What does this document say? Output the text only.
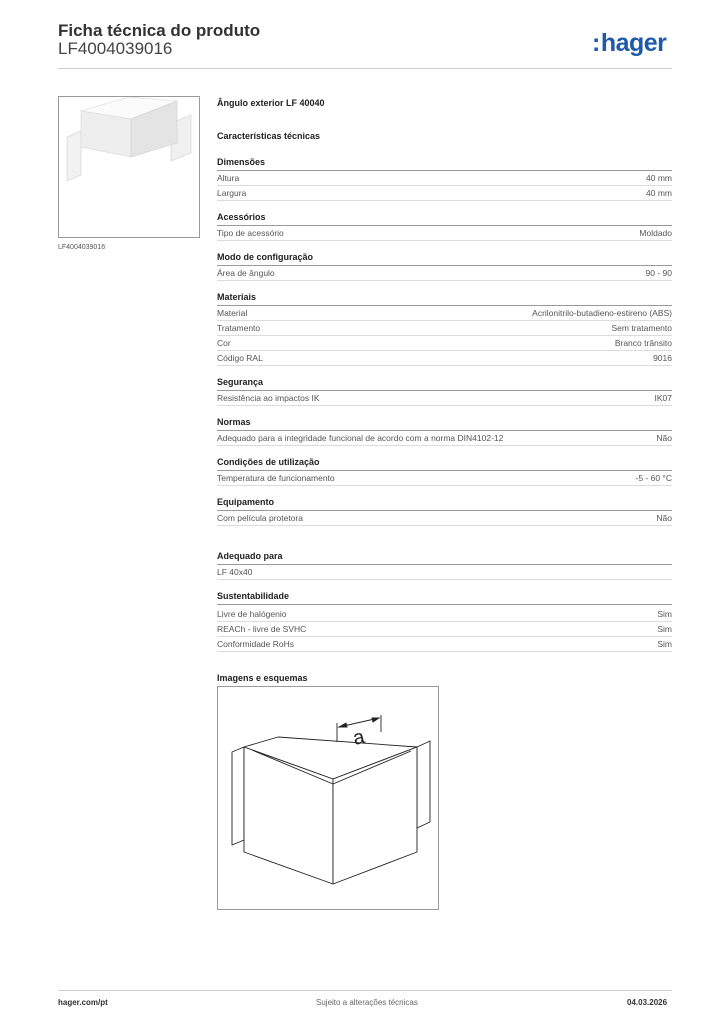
Ficha técnica do produto
LF4004039016	:hager
LF4004039016
Ângulo exterior LF 40040
Características técnicas
Dimensões
Altura	40 mm
Largura	40 mm
Acessórios
Tipo de acessório	Moldado
Modo de configuração
Área de ângulo	90 - 90
Materiais
Material	Acrilonitrilo-butadieno-estireno (ABS)
Tratamento	Sem tratamento
Cor	Branco trânsito
Código RAL	9016
Segurança
Resistência ao impactos IK	IK07
Normas
Adequado para a integridade funcional de acordo com a norma DIN4102-12	Não
Condições de utilização
Temperatura de funcionamento	-5 - 60 °C
Equipamento
Com película protetora	Não
Adequado para
LF 40x40
Sustentabilidade
Livre de halógenio	Sim
REACh - livre de SVHC	Sim
Conformidade RoHs	Sim
Imagens e esquemas
a
hager.com/pt	Sujeito a alterações técnicas	04.03.2026
